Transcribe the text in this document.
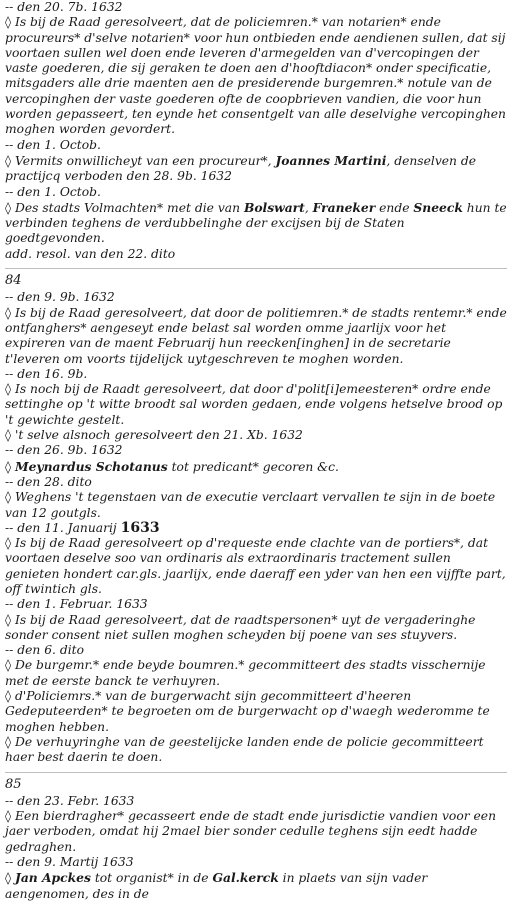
-- den 20. 7b. 1632

◊ Is bij de Raad geresolveert, dat de policiemren.* van notarien* ende procureurs* d'selve notarien* voor hun ontbieden ende aendienen sullen, dat sij voortaen sullen wel doen ende leveren d'armegelden van d'vercopingen der vaste goederen, die sij geraken te doen aen d'hooftdiacon* onder specificatie, mitsgaders alle drie maenten aen de presiderende burgemren.* notule van de vercopinghen der vaste goederen ofte de coopbrieven vandien, die voor hun worden gepasseert, ten eynde het consentgelt van alle deselvighe vercopinghen moghen worden gevordert.

-- den 1. Octob.

◊ Vermits onwillicheyt van een procureur*, Joannes Martini, denselven de practijcq verboden den 28. 9b. 1632

-- den 1. Octob.

◊ Des stadts Volmachten* met die van Bolswart, Franeker ende Sneeck hun te verbinden teghens de verdubbelinghe der excijsen bij de Staten goedtgevonden.

add. resol. van den 22. dito

84

-- den 9. 9b. 1632

◊ Is bij de Raad geresolveert, dat door de politiemren.* de stadts rentemr.* ende ontfanghers* aengeseyt ende belast sal worden omme jaarlijx voor het expireren van de maent Februarij hun reecken[inghen] in de secretarie t'leveren om voorts tijdelijck uytgeschreven te moghen worden.

-- den 16. 9b.

◊ Is noch bij de Raadt geresolveert, dat door d'polit[i]emeesteren* ordre ende settinghe op 't witte broodt sal worden gedaen, ende volgens hetselve brood op 't gewichte gestelt.

◊ 't selve alsnoch geresolveert den 21. Xb. 1632

-- den 26. 9b. 1632

◊ Meynardus Schotanus tot predicant* gecoren &c.

-- den 28. dito

◊ Weghens 't tegenstaen van de executie verclaart vervallen te sijn in de boete van 12 goutgls.

-- den 11. Januarij 1633

◊ Is bij de Raad geresolveert op d'requeste ende clachte van de portiers*, dat voortaen deselve soo van ordinaris als extraordinaris tractement sullen genieten hondert car.gls. jaarlijx, ende daeraff een yder van hen een vijffte part, off twintich gls.

-- den 1. Februar. 1633

◊ Is bij de Raad geresolveert, dat de raadtspersonen* uyt de vergaderinghe sonder consent niet sullen moghen scheyden bij poene van ses stuyvers.

-- den 6. dito

◊ De burgemr.* ende beyde boumren.* gecommitteert des stadts visschernije met de eerste banck te verhuyren.

◊ d'Policiemrs.* van de burgerwacht sijn gecommitteert d'heeren Gedeputeerden* te begroeten om de burgerwacht op d'waegh wederomme te moghen hebben.

◊ De verhuyringhe van de geestelijcke landen ende de policie gecommitteert haer best daerin te doen.

85

-- den 23. Febr. 1633

◊ Een bierdragher* gecasseert ende de stadt ende jurisdictie vandien voor een jaer verboden, omdat hij 2mael bier sonder cedulle teghens sijn eedt hadde gedraghen.

-- den 9. Martij 1633

◊ Jan Apckes tot organist* in de Gal.kerck in plaets van sijn vader aengenomen, des in de
